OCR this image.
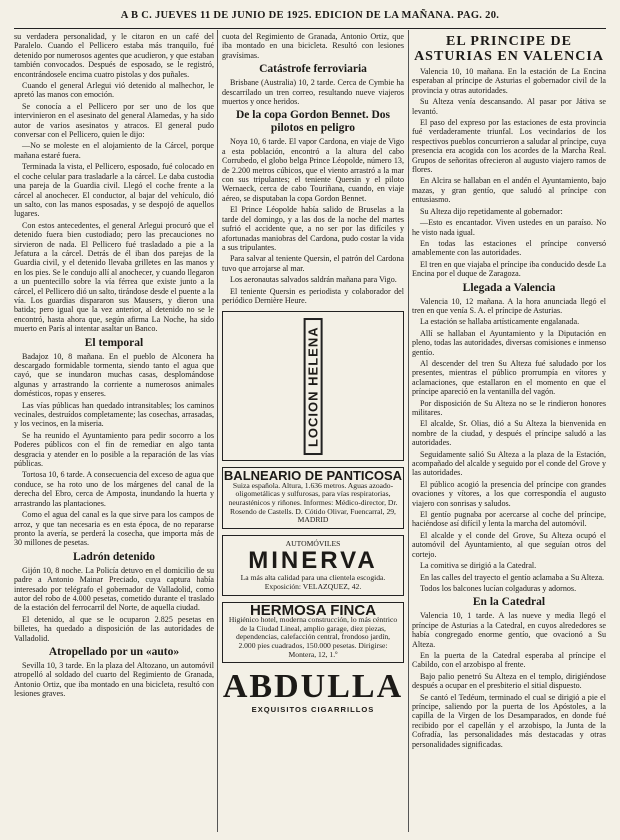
A B C. JUEVES 11 DE JUNIO DE 1925. EDICION DE LA MAÑANA. PAG. 20.

su verdadera personalidad, y le citaron en un café del Paralelo. Cuando el Pellicero estaba más tranquilo, fué detenido por numerosos agentes que acudieron, y que estaban también convocados. Después de esposado, se le registró, encontrándosele encima cuatro pistolas y dos puñales.

Cuando el general Arlegui vió detenido al malhechor, le apretó las manos con emoción.

Se conocía a el Pellicero por ser uno de los que intervinieron en el asesinato del general Alamedas, y ha sido autor de varios asesinatos y atracos. El general pudo conversar con el Pellicero, quien le dijo:

—No se moleste en el alojamiento de la Cárcel, porque mañana estaré fuera.

Terminada la vista, el Pellicero, esposado, fué colocado en el coche celular para trasladarle a la cárcel. Le daba custodia una pareja de la Guardia civil. Llegó el coche frente a la cárcel al anochecer. El conductor, al bajar del vehículo, dió un salto, con las manos esposadas, y se despojó de aquellos lugares.

Con estos antecedentes, el general Arlegui procuró que el detenido fuera bien custodiado; pero las precauciones no sirvieron de nada. El Pellicero fué trasladado a pie a la Jefatura a la cárcel. Detrás de él iban dos parejas de la Guardia civil, y el detenido llevaba grilletes en las manos y en los pies. Se le condujo allí al anochecer, y cuando llegaron a un puentecillo sobre la vía férrea que existe junto a la cárcel, el Pellicero dió un salto, tirándose desde el puente a la vía. Los guardias dispararon sus Mausers, y dieron una batida; pero igual que la vez anterior, al detenido no se le encontró, hasta ahora que, según afirma La Noche, ha sido muerto en París al intentar asaltar un Banco.

El temporal

Badajoz 10, 8 mañana. En el pueblo de Alconera ha descargado formidable tormenta, siendo tanto el agua que cayó, que se inundaron muchas casas, desplomándose algunas y arrastrando la corriente a numerosos animales domésticos, ropas y enseres.

Las vías públicas han quedado intransitables; los caminos vecinales, destruídos completamente; las cosechas, arrasadas, y los vecinos, en la miseria.

Se ha reunido el Ayuntamiento para pedir socorro a los Poderes públicos con el fin de remediar en algo tanta desgracia y atender en lo posible a la reparación de las vías públicas.

Tortosa 10, 6 tarde. A consecuencia del exceso de agua que conduce, se ha roto uno de los márgenes del canal de la derecha del Ebro, cerca de Amposta, inundando la huerta y arrastrando las plantaciones.

Como el agua del canal es la que sirve para los campos de arroz, y que tan necesaria es en esta época, de no repararse pronto la avería, se perderá la cosecha, que importa más de 30 millones de pesetas.

Ladrón detenido

Gijón 10, 8 noche. La Policía detuvo en el domicilio de su padre a Antonio Mainar Preciado, cuya captura había interesado por telégrafo el gobernador de Valladolid, como autor del robo de 4.000 pesetas, cometido durante el traslado de la estación del ferrocarril del Norte, de aquella ciudad.

El detenido, al que se le ocuparon 2.825 pesetas en billetes, ha quedado a disposición de las autoridades de Valladolid.

Atropellado por un «auto»

Sevilla 10, 3 tarde. En la plaza del Altozano, un automóvil atropelló al soldado del cuarto del Regimiento de Granada, Antonio Ortiz, que iba montado en una bicicleta, resultó con lesiones graves.

cuota del Regimiento de Granada, Antonio Ortiz, que iba montado en una bicicleta. Resultó con lesiones gravísimas.

Catástrofe ferroviaria

Brisbane (Australia) 10, 2 tarde. Cerca de Cymbie ha descarrilado un tren correo, resultando nueve viajeros muertos y once heridos.

De la copa Gordon Bennet. Dos pilotos en peligro

Noya 10, 6 tarde. El vapor Cardona, en viaje de Vigo a esta población, encontró a la altura del cabo Corrubedo, el globo belga Prince Léopolde, número 13, de 2.200 metros cúbicos, que el viento arrastró a la mar con sus tripulantes; el teniente Quersin y el piloto Wernaeck, cerca de cabo Touriñana, cuando, en viaje aéreo, se disputaban la copa Gordon Bennet.

El Prince Léopolde había salido de Bruselas a la tarde del domingo, y a las dos de la noche del martes sufrió el accidente que, a no ser por las difíciles y afortunadas maniobras del Cardona, pudo costar la vida a sus tripulantes.

Para salvar al teniente Quersin, el patrón del Cardona tuvo que arrojarse al mar.

Los aeronautas salvados saldrán mañana para Vigo.

El teniente Quersin es periodista y colaborador del periódico Dernière Heure.

LOCION HELENA
BALNEARIO DE PANTICOSA
Suiza española. Altura, 1.636 metros. Aguas azoado-oligometálicas y sulfurosas, para vías respiratorias, neurasténicos y riñones. Informes: Médico-director, Dr. Rosendo de Castells. D. Cótido Olivar, Fuencarral, 29, MADRID
AUTOMÓVILES
MINERVA
La más alta calidad para una clientela escogida. Exposición: VELAZQUEZ, 42.
HERMOSA FINCA
Higiénico hotel, moderna construcción, lo más céntrico de la Ciudad Lineal, amplio garage, diez piezas, dependencias, calefacción central, frondoso jardín, 2.000 pies cuadrados, 150.000 pesetas. Dirigirse: Montera, 12, 1.º
ABDULLA
EXQUISITOS CIGARRILLOS
EL PRINCIPE DE ASTURIAS EN VALENCIA

Valencia 10, 10 mañana. En la estación de La Encina esperaban al príncipe de Asturias el gobernador civil de la provincia y otras autoridades.

Su Alteza venía descansando. Al pasar por Játiva se levantó.

El paso del expreso por las estaciones de esta provincia fué verdaderamente triunfal. Los vecindarios de los respectivos pueblos concurrieron a saludar al príncipe, cuya presencia era acogida con los acordes de la Marcha Real. Grupos de señoritas ofrecieron al augusto viajero ramos de flores.

En Alcira se hallaban en el andén el Ayuntamiento, bajo mazas, y gran gentío, que saludó al príncipe con entusiasmo.

Su Alteza dijo repetidamente al gobernador:

—Esto es encantador. Viven ustedes en un paraíso. No he visto nada igual.

En todas las estaciones el príncipe conversó amablemente con las autoridades.

El tren en que viajaba el príncipe iba conducido desde La Encina por el duque de Zaragoza.

Llegada a Valencia

Valencia 10, 12 mañana. A la hora anunciada llegó el tren en que venía S. A. el príncipe de Asturias.

La estación se hallaba artísticamente engalanada.

Allí se hallaban el Ayuntamiento y la Diputación en pleno, todas las autoridades, diversas comisiones e inmenso gentío.

Al descender del tren Su Alteza fué saludado por los presentes, mientras el público prorrumpía en vítores y aclamaciones, que estallaron en el momento en que el príncipe apareció en la ventanilla del vagón.

Por disposición de Su Alteza no se le rindieron honores militares.

El alcalde, Sr. Olias, dió a Su Alteza la bienvenida en nombre de la ciudad, y después el príncipe saludó a las autoridades.

Seguidamente salió Su Alteza a la plaza de la Estación, acompañado del alcalde y seguido por el conde del Grove y las autoridades.

El público acogió la presencia del príncipe con grandes ovaciones y vítores, a los que correspondía el augusto viajero con sonrisas y saludos.

El gentío pugnaba por acercarse al coche del príncipe, haciéndose así difícil y lenta la marcha del automóvil.

El alcalde y el conde del Grove, Su Alteza ocupó el automóvil del Ayuntamiento, al que seguían otros del cortejo.

La comitiva se dirigió a la Catedral.

En las calles del trayecto el gentío aclamaba a Su Alteza.

Todos los balcones lucían colgaduras y adornos.

En la Catedral

Valencia 10, 1 tarde. A las nueve y media llegó el príncipe de Asturias a la Catedral, en cuyos alrededores se había congregado enorme gentío, que ovacionó a Su Alteza.

En la puerta de la Catedral esperaba al príncipe el Cabildo, con el arzobispo al frente.

Bajo palio penetró Su Alteza en el templo, dirigiéndose después a ocupar en el presbiterio el sitial dispuesto.

Se cantó el Tedéum, terminado el cual se dirigió a pie el príncipe, saliendo por la puerta de los Apóstoles, a la capilla de la Virgen de los Desamparados, en donde fué recibido por el capellán y el arzobispo, la Junta de la Cofradía, las personalidades más destacadas y otras personalidades significadas.
